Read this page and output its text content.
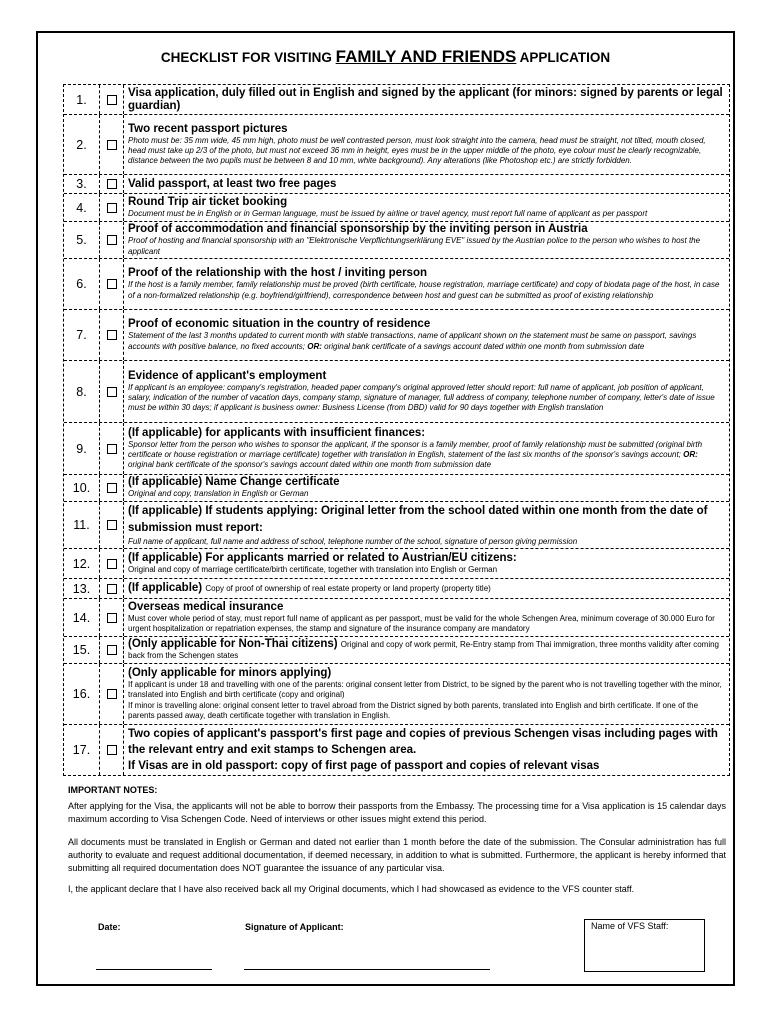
CHECKLIST FOR VISITING FAMILY AND FRIENDS APPLICATION
1.	Visa application, duly filled out in English and signed by the applicant (for minors: signed by parents or legal guardian)
2.
Two recent passport pictures
Photo must be: 35 mm wide, 45 mm high, photo must be well contrasted person, must look straight into the camera, head must be straight, not tilted, mouth closed, head must take up 2/3 of the photo, but must not exceed 36 mm in height, eyes must be in the upper middle of the photo, eye colour must be clearly recognizable, distance between the two pupils must be between 8 and 10 mm, white background). Any alterations (like Photoshop etc.) are strictly forbidden.
3.	Valid passport, at least two free pages
4.	Round Trip air ticket booking
Document must be in English or in German language, must be issued by airline or travel agency, must report full name of applicant as per passport
5.
Proof of accommodation and financial sponsorship by the inviting person in Austria
Proof of hosting and financial sponsorship with an "Elektronische Verpflichtungserklärung EVE" issued by the Austrian police to the person who wishes to host the applicant
6.
Proof of the relationship with the host / inviting person
If the host is a family member, family relationship must be proved (birth certificate, house registration, marriage certificate) and copy of biodata page of the host, in case of a non-formalized relationship (e.g. boyfriend/girlfriend), correspondence between host and guest can be submitted as proof of existing relationship
7.
Proof of economic situation in the country of residence
Statement of the last 3 months updated to current month with stable transactions, name of applicant shown on the statement must be same on passport, savings accounts with positive balance, no fixed accounts; OR: original bank certificate of a savings account dated within one month from submission date
8.
Evidence of applicant's employment
If applicant is an employee: company's registration, headed paper company's original approved letter should report: full name of applicant, job position of applicant, salary, indication of the number of vacation days, company stamp, signature of manager, full address of company, telephone number of company, letter's date of issue must be within 30 days; if applicant is business owner: Business License (from DBD) valid for 90 days together with English translation
9.
(If applicable) for applicants with insufficient finances:
Sponsor letter from the person who wishes to sponsor the applicant, if the sponsor is a family member, proof of family relationship must be submitted (original birth certificate or house registration or marriage certificate) together with translation in English, statement of the last six months of the sponsor's savings account; OR: original bank certificate of the sponsor's savings account dated within one month from submission date
10.	(If applicable) Name Change certificate
Original and copy, translation in English or German
11.
(If applicable) If students applying: Original letter from the school dated within one month from the date of submission must report:
Full name of applicant, full name and address of school, telephone number of the school, signature of person giving permission
12.	(If applicable) For applicants married or related to Austrian/EU citizens:
Original and copy of marriage certificate/birth certificate, together with translation into English or German
13.	(If applicable) Copy of proof of ownership of real estate property or land property (property title)
14.
Overseas medical insurance
Must cover whole period of stay, must report full name of applicant as per passport, must be valid for the whole Schengen Area, minimum coverage of 30.000 Euro for urgent hospitalization or repatriation expenses, the stamp and signature of the insurance company are mandatory
15.	(Only applicable for Non-Thai citizens) Original and copy of work permit, Re-Entry stamp from Thai immigration, three months validity after coming back from the Schengen states
16.
(Only applicable for minors applying)
If applicant is under 18 and travelling with one of the parents: original consent letter from District, to be signed by the parent who is not travelling together with the minor, translated into English and birth certificate (copy and original)
If minor is travelling alone: original consent letter to travel abroad from the District signed by both parents, translated into English and birth certificate. If one of the parents passed away, death certificate together with translation in English.
17.
Two copies of applicant's passport's first page and copies of previous Schengen visas including pages with the relevant entry and exit stamps to Schengen area.
If Visas are in old passport: copy of first page of passport and copies of relevant visas

IMPORTANT NOTES:

After applying for the Visa, the applicants will not be able to borrow their passports from the Embassy. The processing time for a Visa application is 15 calendar days maximum according to Visa Schengen Code. Need of interviews or other issues might extend this period.

All documents must be translated in English or German and dated not earlier than 1 month before the date of the submission. The Consular administration has full authority to evaluate and request additional documentation, if deemed necessary, in addition to what is submitted. Furthermore, the applicant is hereby informed that submitting all required documentation does NOT guarantee the issuance of any particular visa.

I, the applicant declare that I have also received back all my Original documents, which I had showcased as evidence to the VFS counter staff.

Date:	Signature of Applicant:	Name of VFS Staff:
